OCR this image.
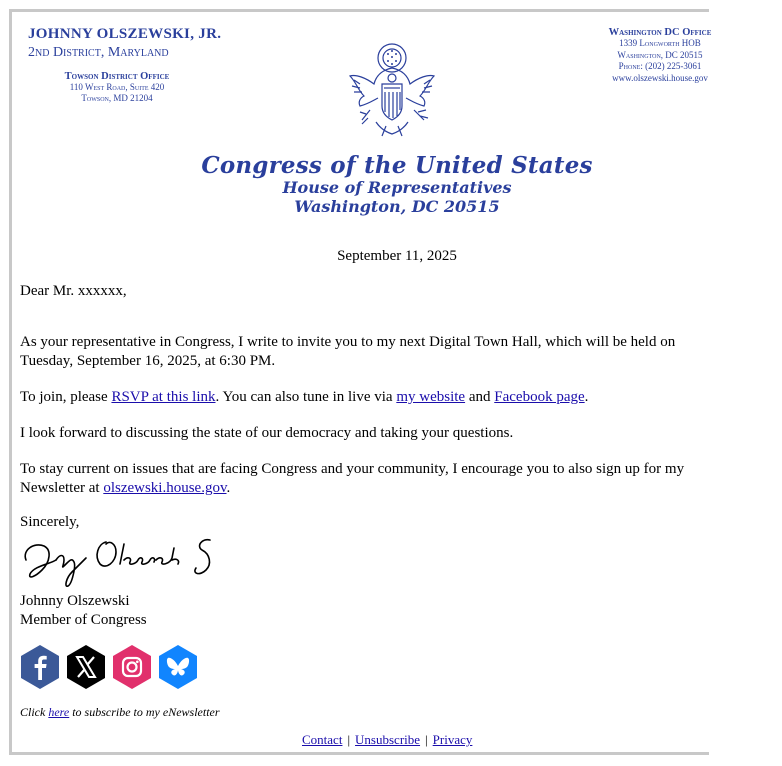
JOHNNY OLSZEWSKI, JR.
2nd District, Maryland
Towson District Office
110 West Road, Suite 420
Towson, MD 21204
Washington DC Office
1339 Longworth HOB
Washington, DC 20515
Phone: (202) 225-3061
www.olszewski.house.gov
Congress of the United States
House of Representatives
Washington, DC 20515
September 11, 2025
Dear Mr. xxxxxx,
As your representative in Congress, I write to invite you to my next Digital Town Hall, which will be held on
Tuesday, September 16, 2025, at 6:30 PM.
To join, please RSVP at this link. You can also tune in live via my website and Facebook page.
I look forward to discussing the state of our democracy and taking your questions.
To stay current on issues that are facing Congress and your community, I encourage you to also sign up for my
Newsletter at olszewski.house.gov.
Sincerely,
Johnny Olszewski
Member of Congress
Click here to subscribe to my eNewsletter
Contact | Unsubscribe | Privacy
